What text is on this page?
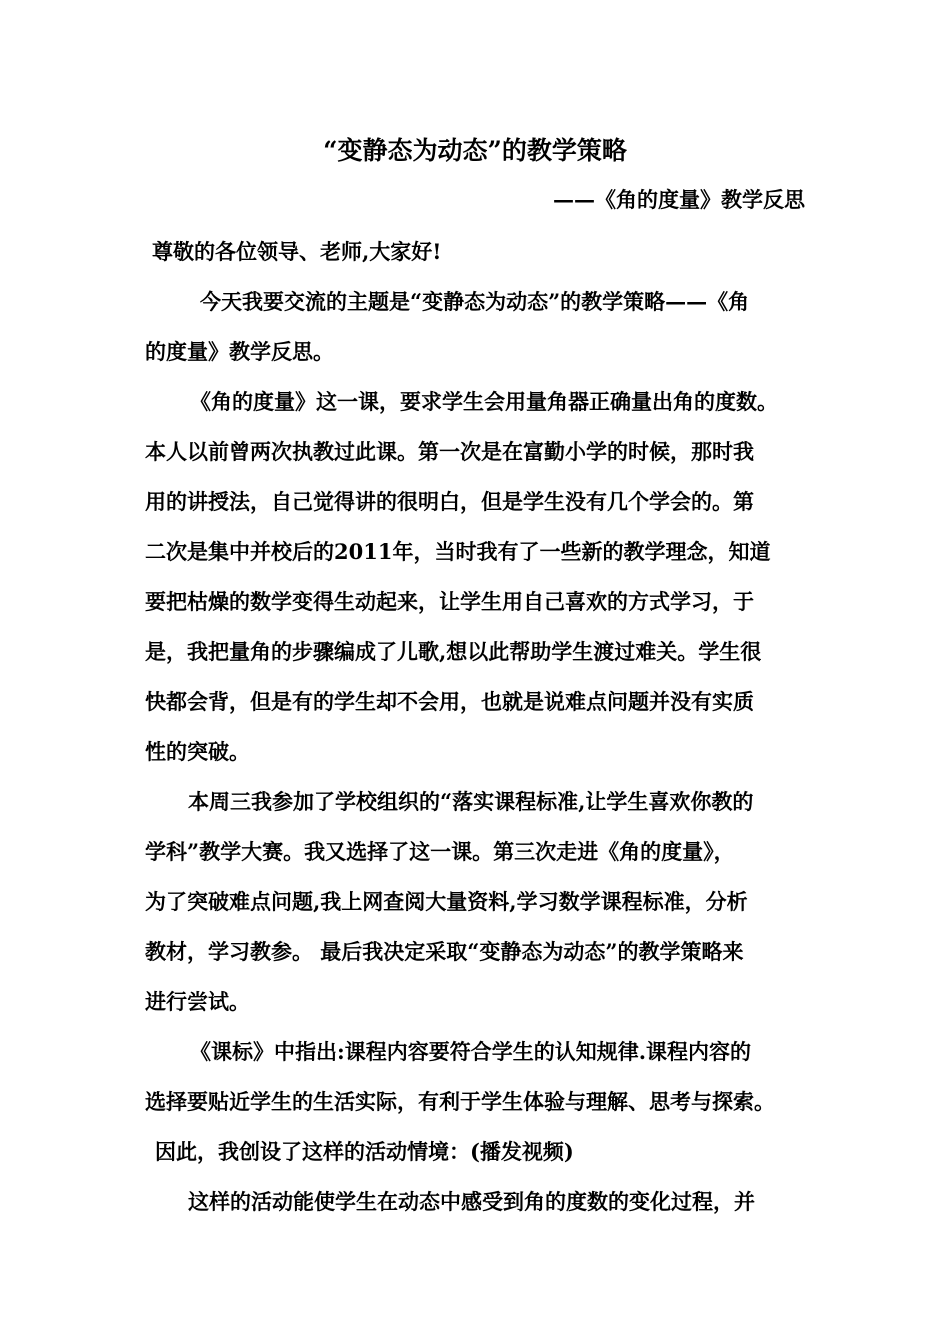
“变静态为动态”的教学策略
——《角的度量》教学反思
尊敬的各位领导、老师,大家好!
今天我要交流的主题是“变静态为动态”的教学策略——《角
的度量》教学反思。
《角的度量》这一课，要求学生会用量角器正确量出角的度数。
本人以前曾两次执教过此课。第一次是在富勤小学的时候，那时我
用的讲授法，自己觉得讲的很明白，但是学生没有几个学会的。第
二次是集中并校后的2011年，当时我有了一些新的教学理念，知道
要把枯燥的数学变得生动起来，让学生用自己喜欢的方式学习，于
是，我把量角的步骤编成了儿歌,想以此帮助学生渡过难关。学生很
快都会背，但是有的学生却不会用，也就是说难点问题并没有实质
性的突破。
本周三我参加了学校组织的“落实课程标准,让学生喜欢你教的
学科”教学大赛。我又选择了这一课。第三次走进《角的度量》，
为了突破难点问题,我上网查阅大量资料,学习数学课程标准，分析
教材，学习教参。 最后我决定采取“变静态为动态”的教学策略来
进行尝试。
《课标》中指出:课程内容要符合学生的认知规律.课程内容的
选择要贴近学生的生活实际，有利于学生体验与理解、思考与探索。
因此，我创设了这样的活动情境：(播发视频)
这样的活动能使学生在动态中感受到角的度数的变化过程，并
